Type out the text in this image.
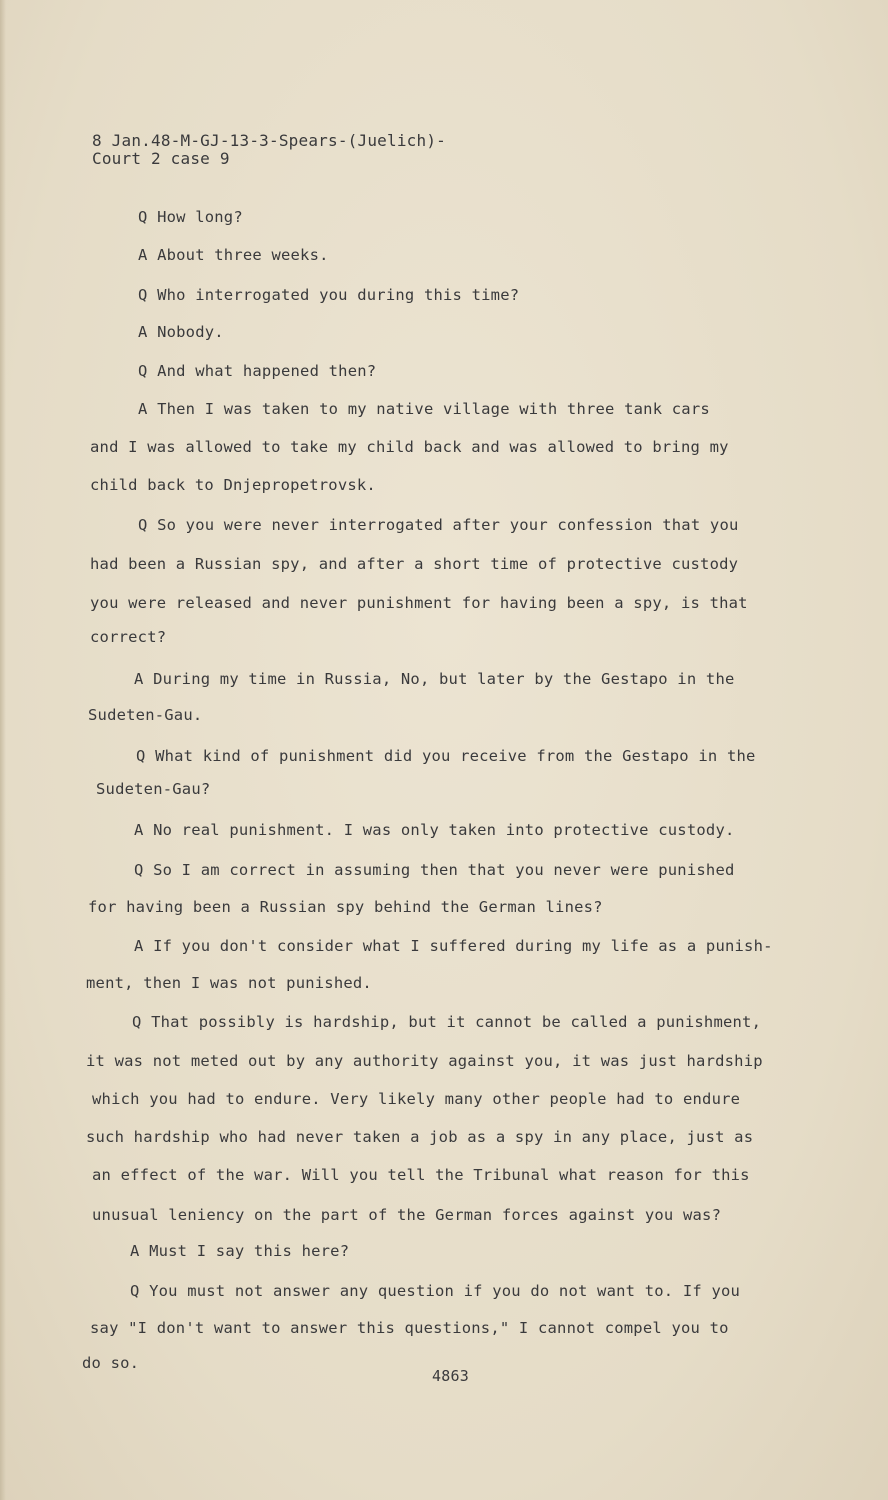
8 Jan.48-M-GJ-13-3-Spears-(Juelich)-
Court 2 case 9
Q How long?
A About three weeks.
Q Who interrogated you during this time?
A Nobody.
Q And what happened then?
A Then I was taken to my native village with three tank cars
and I was allowed to take my child back and was allowed to bring my
child back to Dnjepropetrovsk.
Q So you were never interrogated after your confession that you
had been a Russian spy, and after a short time of protective custody
you were released and never punishment for having been a spy, is that
correct?
A During my time in Russia, No, but later by the Gestapo in the
Sudeten-Gau.
Q What kind of punishment did you receive from the Gestapo in the
Sudeten-Gau?
A No real punishment. I was only taken into protective custody.
Q So I am correct in assuming then that you never were punished
for having been a Russian spy behind the German lines?
A If you don't consider what I suffered during my life as a punish-
ment, then I was not punished.
Q That possibly is hardship, but it cannot be called a punishment,
it was not meted out by any authority against you, it was just hardship
which you had to endure. Very likely many other people had to endure
such hardship who had never taken a job as a spy in any place, just as
an effect of the war. Will you tell the Tribunal what reason for this
unusual leniency on the part of the German forces against you was?
A Must I say this here?
Q You must not answer any question if you do not want to. If you
say "I don't want to answer this questions," I cannot compel you to
do so.
4863
